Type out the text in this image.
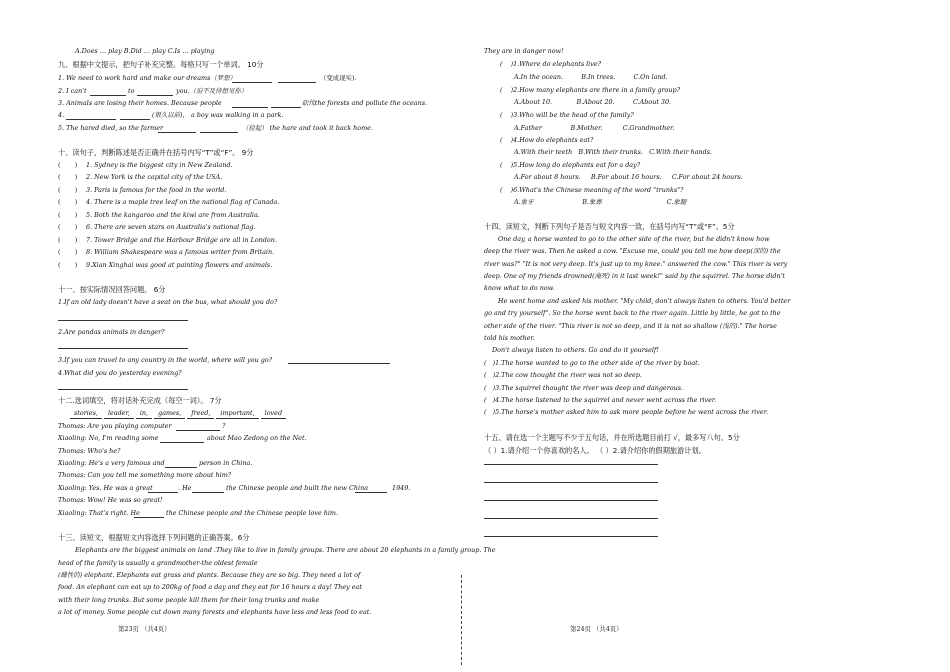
A.Does … play B.Did … play C.Is … playing
九、根据中文提示，把句子补充完整。每格只写一个单词。 10分
1. We need to work hard and make our dreams（梦想）	（变成现实).
2. I can't	to	you.（迫不及待想见你）
3. Animals are losing their homes. Because people	砍伐the forests and pollute the oceans.
4.	(很久以前)， a boy was walking in a park.
5. The hared died, so the farmer	（捡起） the hare and took it back home.
十、读句子，判断陈述是否正确并在括号内写“T”或“F”。 9分
(       ) 1. Sydney is the biggest city in New Zealand.
(       ) 2. New York is the capital city of the USA.
(       ) 3. Paris is famous for the food in the world.
(       ) 4. There is a maple tree leaf on the national flag of Canada.
(       ) 5. Both the kangaroo and the kiwi are from Australia.
(       ) 6. There are seven stars on Australia's national flag.
(       ) 7. Tower Bridge and the Harbour Bridge are all in London.
(       ) 8. William Shakespeare was a famous writer from Britain.
(       ) 9.Xian Xinghai was good at painting flowers and animals.
十一、按实际情况回答问题。 6分
1.If an old lady doesn't have a seat on the bus, what should you do?
2.Are pandas animals in danger?
3.If you can travel to any country in the world, where will you go?
4.What did you do yesterday evening?
十二.选词填空，将对话补充完成（每空一词）。 7分
stories, leader, in, games, freed, important, loved
Thomas: Are you playing computer	?
Xiaoling: No, I'm reading some	about Mao Zedong on the Net.
Thomas: Who's he?
Xiaoling: He's a very famous and	person in China.
Thomas: Can you tell me something more about him?
Xiaoling: Yes. He was a great	. He	the Chinese people and built the new China	1949.
Thomas: Wow! He was so great!
Xiaoling: That's right. He	the Chinese people and the Chinese people love him.
十三、读短文，根据短文内容选择下列问题的正确答案。6分
Elephants are the biggest animals on land .They like to live in family groups. There are about 20 elephants in a family group. The
head of the family is usually a grandmother-the oldest female
(雌性的) elephant. Elephants eat grass and plants. Because they are so big. They need a lot of
food. An elephant can eat up to 200kg of food a day and they eat for 16 hours a day! They eat
with their long trunks. But some people kill them for their long trunks and make
a lot of money. Some people cut down many forests and elephants have less and less food to eat.
第23页 （共4页）
They are in danger now!
(    )1.Where do elephants live?
A.In the ocean.	B.In trees.	C.On land.
(    )2.How many elephants are there in a family group?
A.About 10.	B.About 20.	C.About 30.
(    )3.Who will be the head of the family?
A.Father	B.Mother.	C.Grandmother.
(    )4.How do elephants eat?
A.With their teeth B.With their trunks. C.With their hands.
(    )5.How long do elephants eat for a day?
A.For about 8 hours. B.For about 16 hours. C.For about 24 hours.
(    )6.What's the Chinese meaning of the word "trunks"?
A.象牙	B.象鼻	C.象腿
十四、读短文，判断下列句子是否与短文内容一致，在括号内写“T”或“F”。5分
One day, a horse wanted to go to the other side of the river, but he didn't know how
deep the river was. Then he asked a cow. "Excuse me, could you tell me how deep(深的) the
river was?" "It is not very deep. It's just up to my knee." answered the cow." This river is very
deep. One of my friends drowned(淹死) in it last week!" said by the squirrel. The horse didn't
know what to do now.
He went home and asked his mother. "My child, don't always listen to others. You'd better
go and try yourself". So the horse went back to the river again. Little by little, he got to the
other side of the river. "This river is not so deep, and it is not so shallow (浅的)." The horse
told his mother.
Don't always listen to others. Go and do it yourself!
(   )1.The horse wanted to go to the other side of the river by boat.
(   )2.The cow thought the river was not so deep.
(   )3.The squirrel thought the river was deep and dangerous.
(   )4.The horse listened to the squirrel and never went across the river.
(   )5.The horse's mother asked him to ask more people before he went across the river.
十五、请在选一个主题写不少于五句话，并在所选题目前打 √，最多写八句。5分
（ ）1.请介绍一个你喜欢的名人。 （ ）2.请介绍你的假期旅游计划。
第24页 （共4页）
